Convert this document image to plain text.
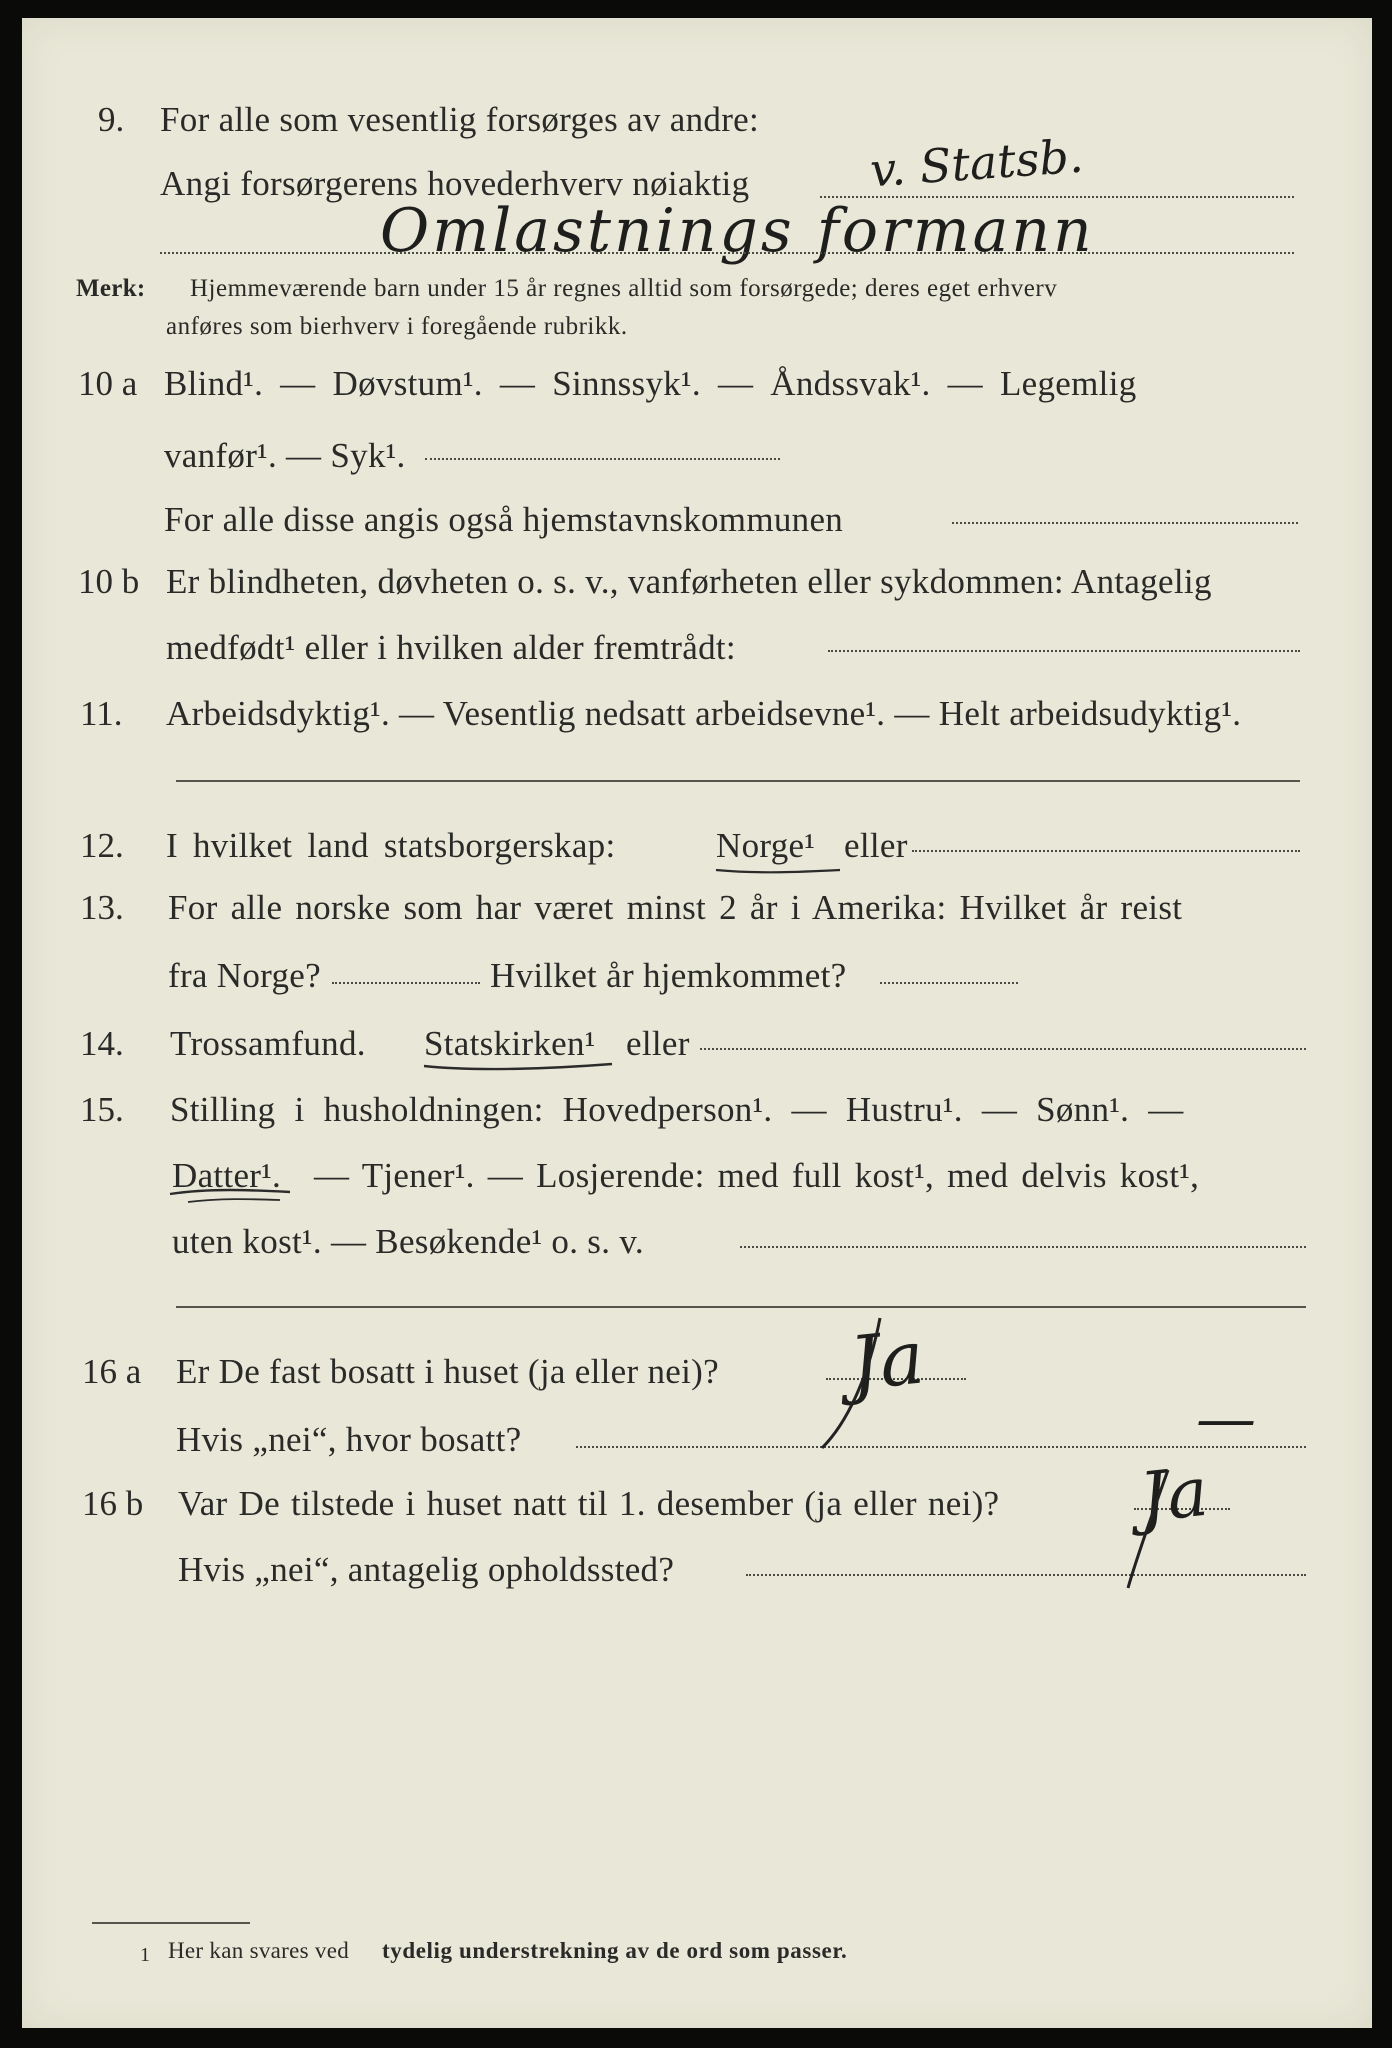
9. For alle som vesentlig forsørges av andre:
Angi forsørgerens hovederhverv nøiaktig	v. Statsb.
Omlastnings formann
Merk: Hjemmeværende barn under 15 år regnes alltid som forsørgede; deres eget erhverv
anføres som bierhverv i foregående rubrikk.
10 a Blind¹. — Døvstum¹. — Sinnssyk¹. — Åndssvak¹. — Legemlig
vanfør¹. — Syk¹.
For alle disse angis også hjemstavnskommunen
10 b Er blindheten, døvheten o. s. v., vanførheten eller sykdommen: Antagelig
medfødt¹ eller i hvilken alder fremtrådt:
11. Arbeidsdyktig¹. — Vesentlig nedsatt arbeidsevne¹. — Helt arbeidsudyktig¹.
12. I hvilket land statsborgerskap:	Norge¹ eller
13. For alle norske som har været minst 2 år i Amerika: Hvilket år reist
fra Norge?	Hvilket år hjemkommet?
14. Trossamfund. Statskirken¹ eller
15. Stilling i husholdningen: Hovedperson¹. — Hustru¹. — Sønn¹. —
Datter¹. — Tjener¹. — Losjerende: med full kost¹, med delvis kost¹,
uten kost¹. — Besøkende¹ o. s. v.
16 a Er De fast bosatt i huset (ja eller nei)? Ja
Hvis „nei“, hvor bosatt?	—
16 b Var De tilstede i huset natt til 1. desember (ja eller nei)? Ja
Hvis „nei“, antagelig opholdssted?
1 Her kan svares ved tydelig understrekning av de ord som passer.
